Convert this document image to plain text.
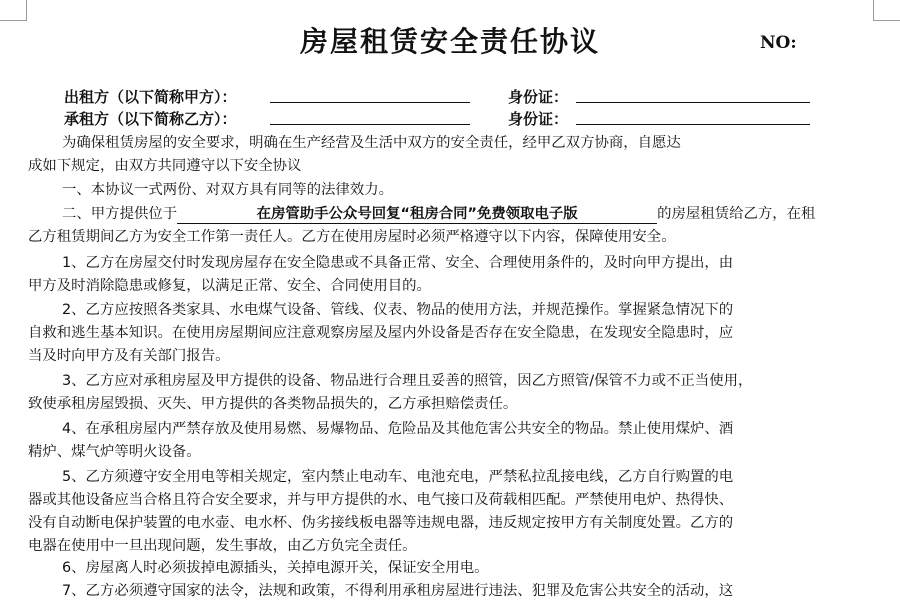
房屋租赁安全责任协议	NO:
出租方（以下简称甲方）：	身份证：
承租方（以下简称乙方）：	身份证：
为确保租赁房屋的安全要求，明确在生产经营及生活中双方的安全责任，经甲乙双方协商，自愿达
成如下规定，由双方共同遵守以下安全协议
一、本协议一式两份、对双方具有同等的法律效力。
二、甲方提供位于	在房管助手公众号回复“租房合同”免费领取电子版	的房屋租赁给乙方，在租
乙方租赁期间乙方为安全工作第一责任人。乙方在使用房屋时必须严格遵守以下内容，保障使用安全。
1、乙方在房屋交付时发现房屋存在安全隐患或不具备正常、安全、合理使用条件的，及时向甲方提出，由
甲方及时消除隐患或修复，以满足正常、安全、合同使用目的。
2、乙方应按照各类家具、水电煤气设备、管线、仪表、物品的使用方法，并规范操作。掌握紧急情况下的
自救和逃生基本知识。在使用房屋期间应注意观察房屋及屋内外设备是否存在安全隐患，在发现安全隐患时，应
当及时向甲方及有关部门报告。
3、乙方应对承租房屋及甲方提供的设备、物品进行合理且妥善的照管，因乙方照管/保管不力或不正当使用，
致使承租房屋毁损、灭失、甲方提供的各类物品损失的，乙方承担赔偿责任。
4、在承租房屋内严禁存放及使用易燃、易爆物品、危险品及其他危害公共安全的物品。禁止使用煤炉、酒
精炉、煤气炉等明火设备。
5、乙方须遵守安全用电等相关规定，室内禁止电动车、电池充电，严禁私拉乱接电线，乙方自行购置的电
器或其他设备应当合格且符合安全要求，并与甲方提供的水、电气接口及荷载相匹配。严禁使用电炉、热得快、
没有自动断电保护装置的电水壶、电水杯、伪劣接线板电器等违规电器，违反规定按甲方有关制度处置。乙方的
电器在使用中一旦出现问题，发生事故，由乙方负完全责任。
6、房屋离人时必须拔掉电源插头，关掉电源开关，保证安全用电。
7、乙方必须遵守国家的法令，法规和政策，不得利用承租房屋进行违法、犯罪及危害公共安全的活动，这
